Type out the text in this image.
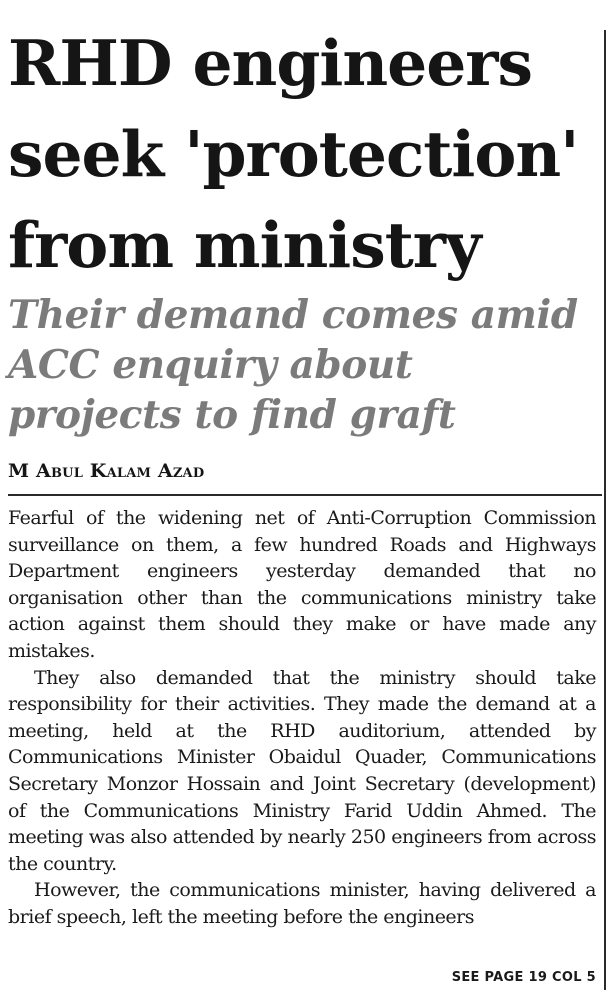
RHD engineers
seek 'protection'
from ministry
Their demand comes amid
ACC enquiry about
projects to find graft
M Abul Kalam Azad

Fearful of the widening net of Anti-Corruption Commission surveillance on them, a few hundred Roads and Highways Department engineers yesterday demanded that no organisation other than the communications ministry take action against them should they make or have made any mistakes.

They also demanded that the ministry should take responsibility for their activities. They made the demand at a meeting, held at the RHD auditorium, attended by Communications Minister Obaidul Quader, Communications Secretary Monzor Hossain and Joint Secretary (development) of the Communications Ministry Farid Uddin Ahmed. The meeting was also attended by nearly 250 engineers from across the country.

However, the communications minister, having delivered a brief speech, left the meeting before the engineers

SEE PAGE 19 COL 5
